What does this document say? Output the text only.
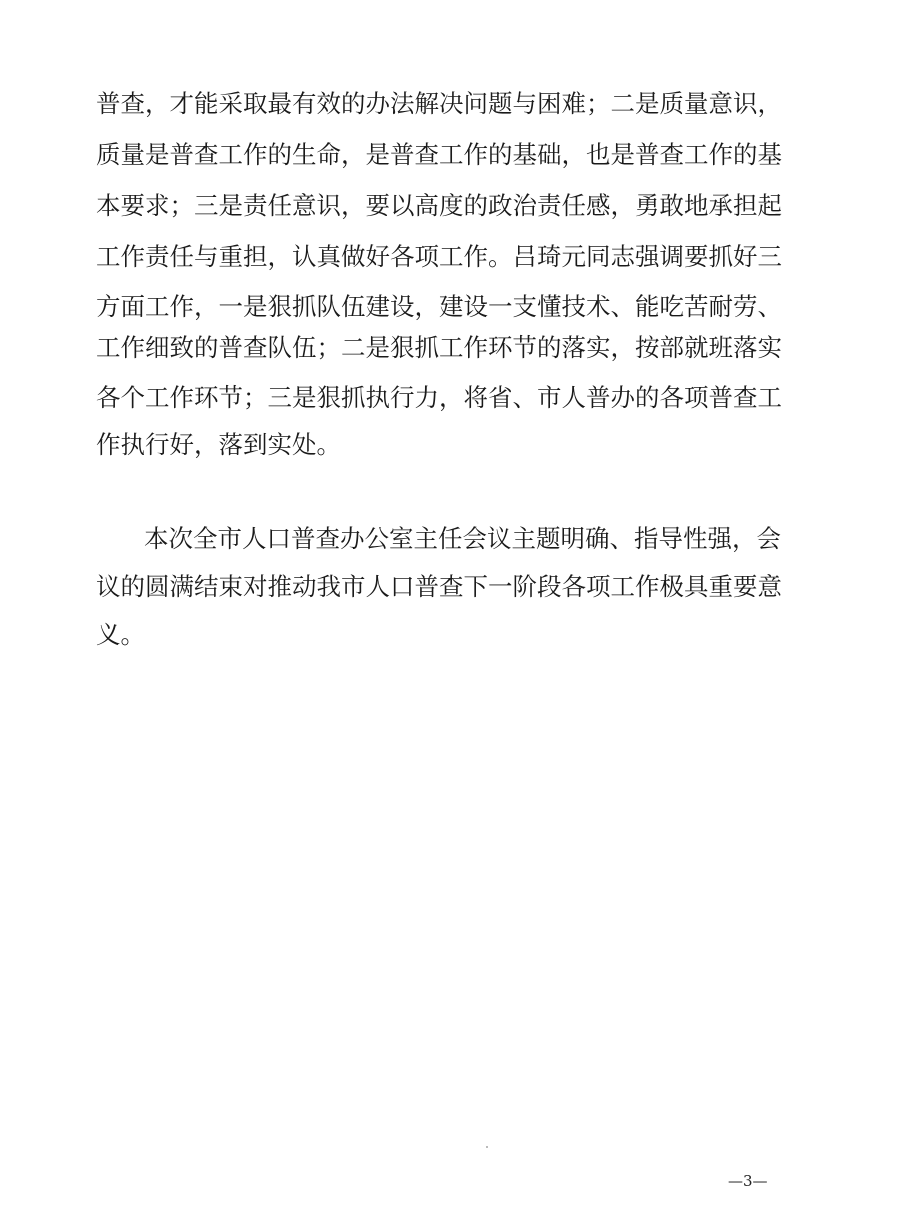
普查，才能采取最有效的办法解决问题与困难；二是质量意识，
质量是普查工作的生命，是普查工作的基础，也是普查工作的基
本要求；三是责任意识，要以高度的政治责任感，勇敢地承担起
工作责任与重担，认真做好各项工作。吕琦元同志强调要抓好三
方面工作，一是狠抓队伍建设，建设一支懂技术、能吃苦耐劳、
工作细致的普查队伍；二是狠抓工作环节的落实，按部就班落实
各个工作环节；三是狠抓执行力，将省、市人普办的各项普查工
作执行好，落到实处。
本次全市人口普查办公室主任会议主题明确、指导性强，会
议的圆满结束对推动我市人口普查下一阶段各项工作极具重要意
义。
—3—
